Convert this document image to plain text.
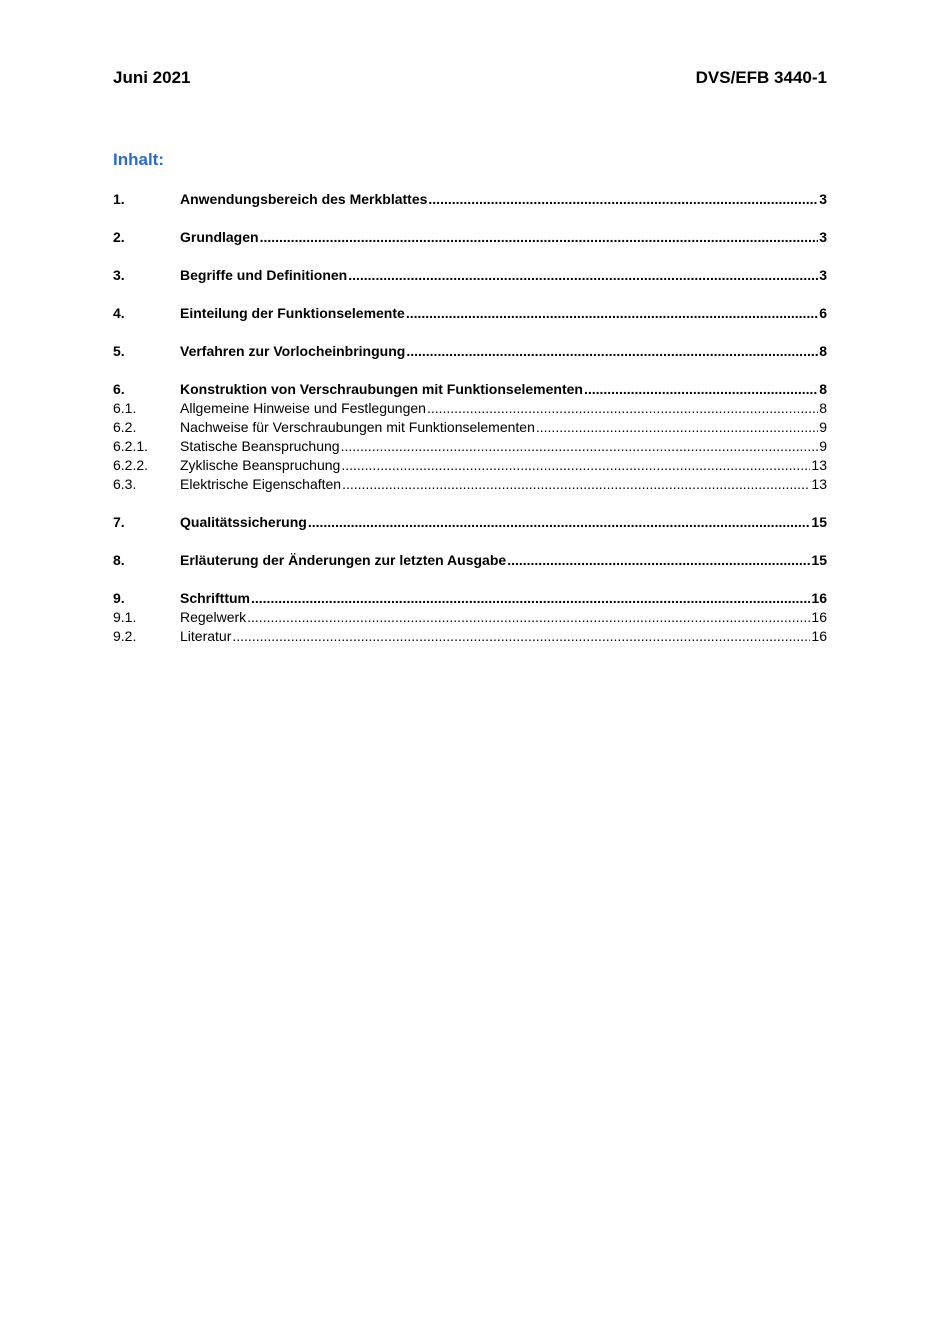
Juni 2021	DVS/EFB 3440-1
Inhalt:
1.	Anwendungsbereich des Merkblattes .....	3
2.	Grundlagen .....	3
3.	Begriffe und Definitionen .....	3
4.	Einteilung der Funktionselemente .....	6
5.	Verfahren zur Vorlocheinbringung .....	8
6.	Konstruktion von Verschraubungen mit Funktionselementen .....	8
6.1.	Allgemeine Hinweise und Festlegungen .....	8
6.2.	Nachweise für Verschraubungen mit Funktionselementen .....	9
6.2.1.	Statische Beanspruchung .....	9
6.2.2.	Zyklische Beanspruchung .....	13
6.3.	Elektrische Eigenschaften .....	13
7.	Qualitätssicherung .....	15
8.	Erläuterung der Änderungen zur letzten Ausgabe .....	15
9.	Schrifttum .....	16
9.1.	Regelwerk .....	16
9.2.	Literatur .....	16
